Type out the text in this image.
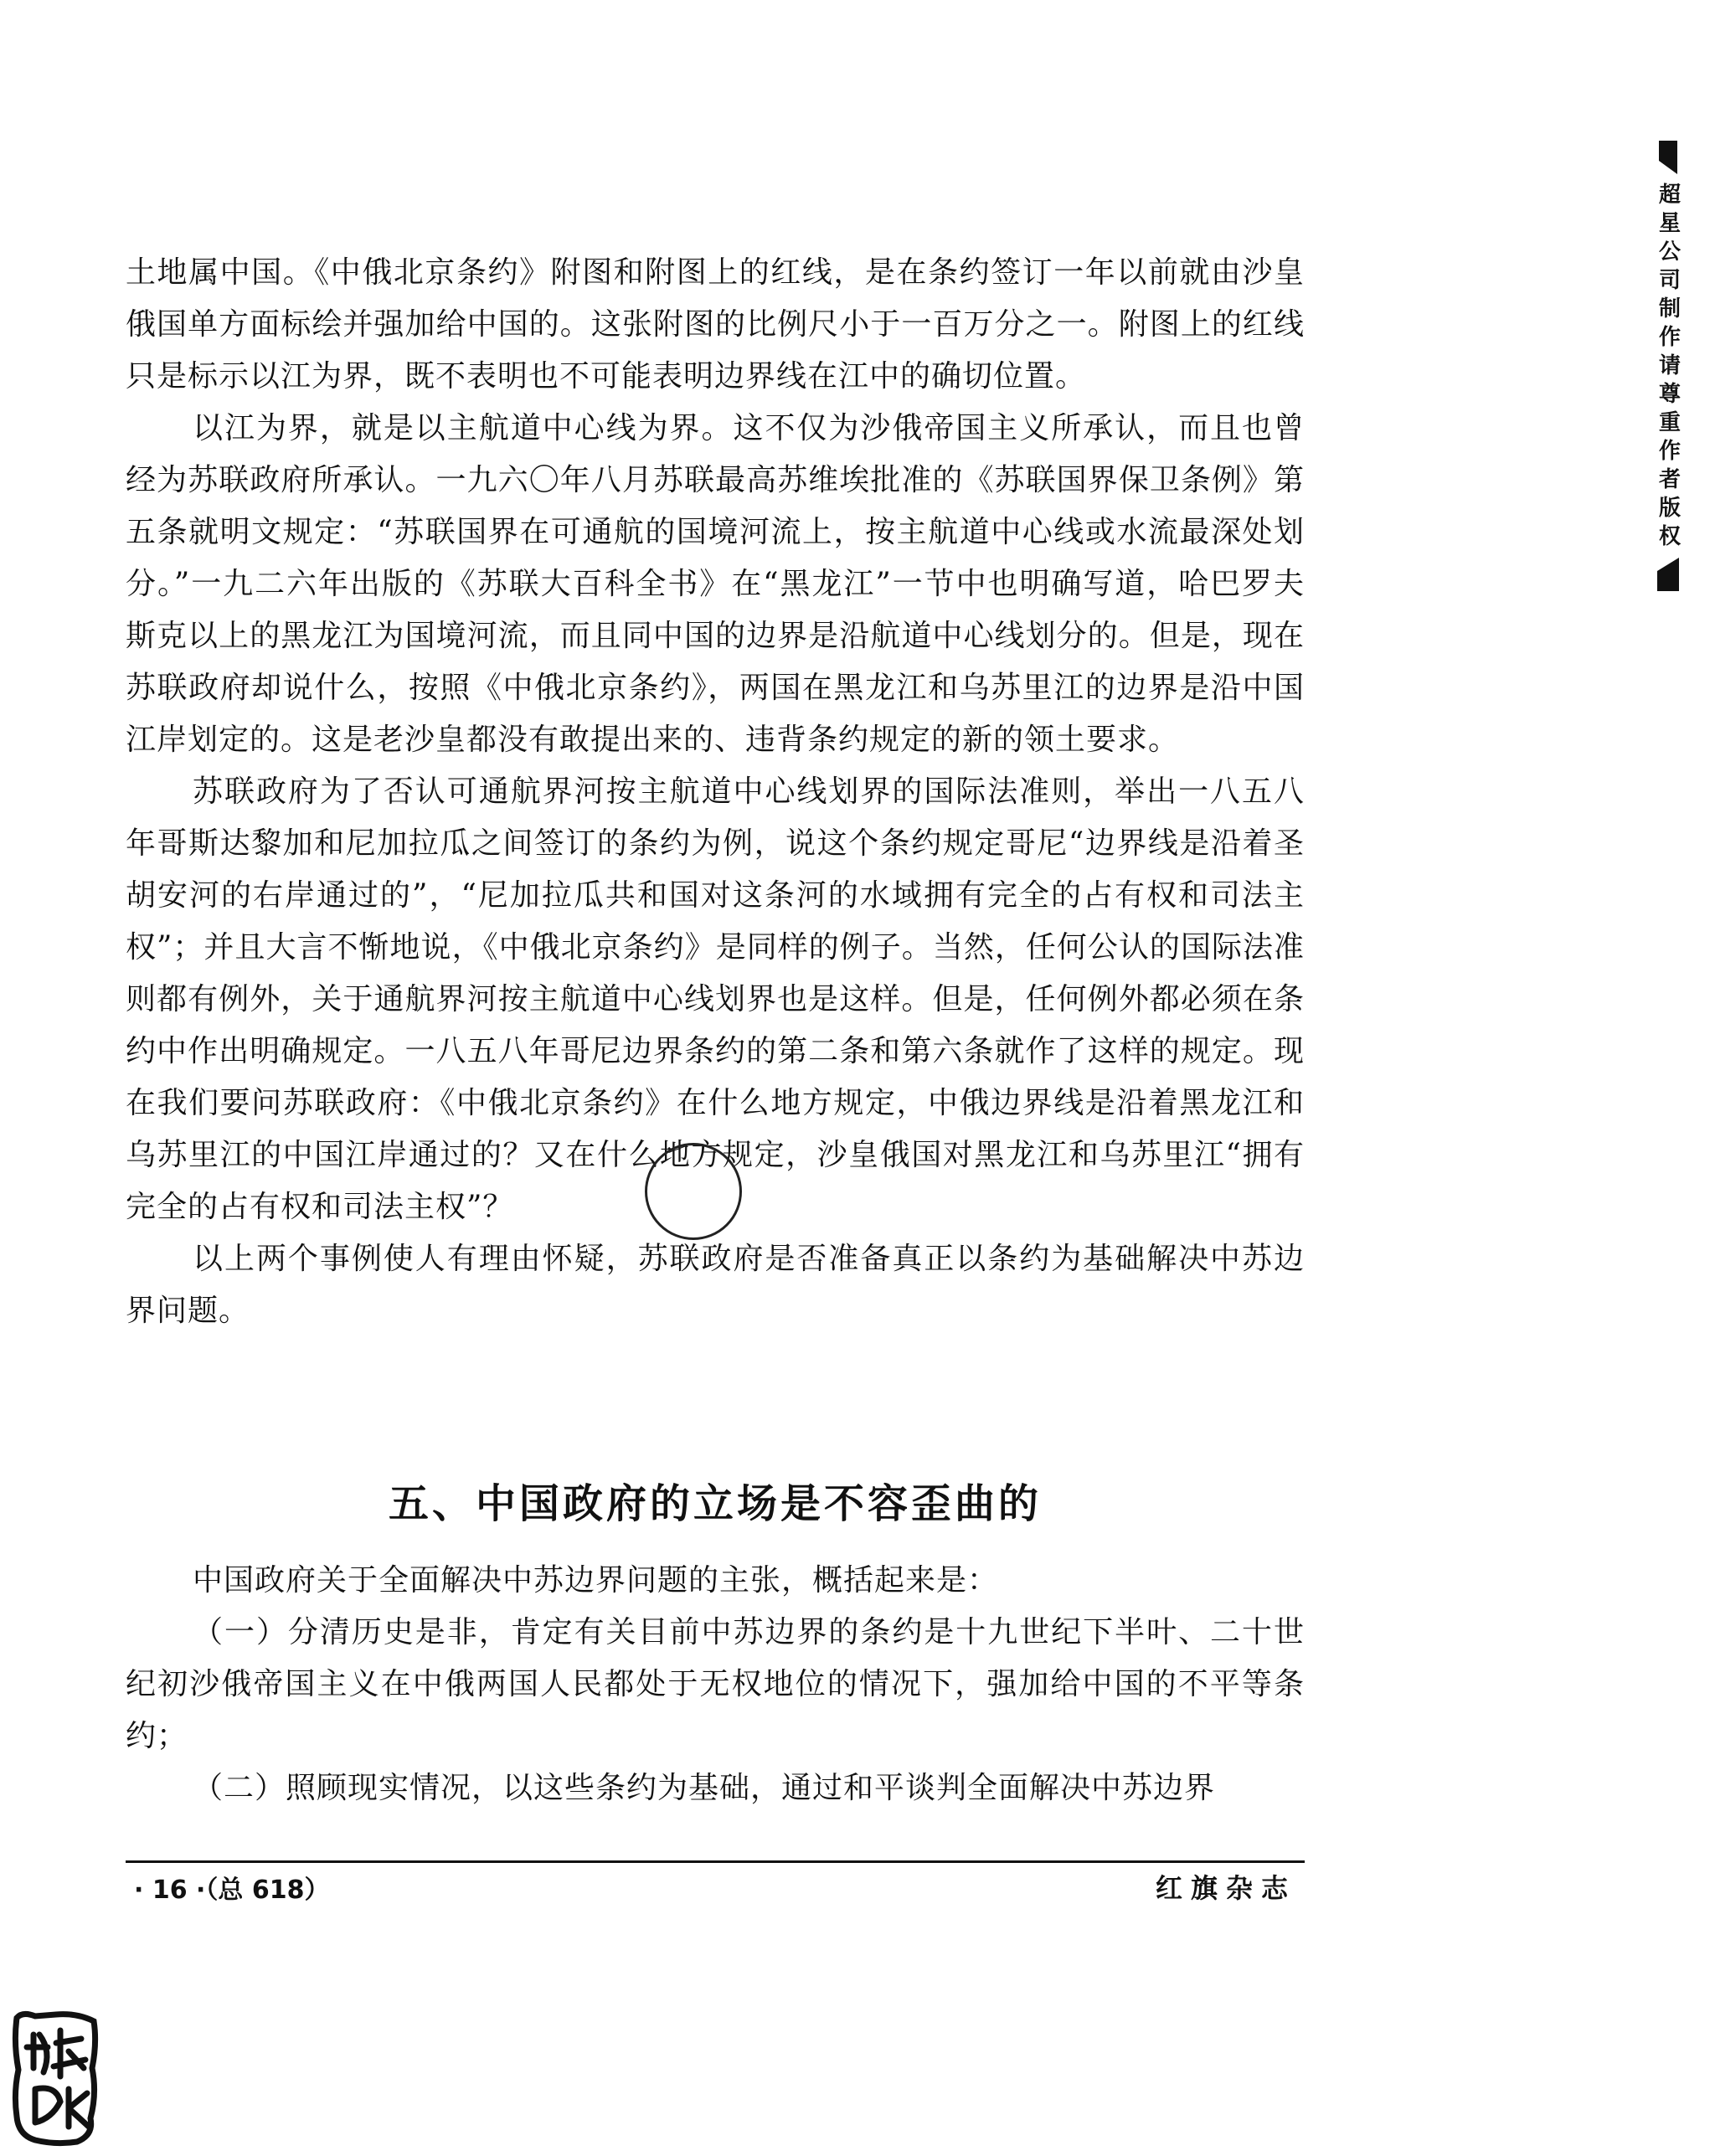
土地属中国。《中俄北京条约》附图和附图上的红线，是在条约签订一年以前就由沙皇俄国单方面标绘并强加给中国的。这张附图的比例尺小于一百万分之一。附图上的红线只是标示以江为界，既不表明也不可能表明边界线在江中的确切位置。

以江为界，就是以主航道中心线为界。这不仅为沙俄帝国主义所承认，而且也曾经为苏联政府所承认。一九六〇年八月苏联最高苏维埃批准的《苏联国界保卫条例》第五条就明文规定：“苏联国界在可通航的国境河流上，按主航道中心线或水流最深处划分。”一九二六年出版的《苏联大百科全书》在“黑龙江”一节中也明确写道，哈巴罗夫斯克以上的黑龙江为国境河流，而且同中国的边界是沿航道中心线划分的。但是，现在苏联政府却说什么，按照《中俄北京条约》，两国在黑龙江和乌苏里江的边界是沿中国江岸划定的。这是老沙皇都没有敢提出来的、违背条约规定的新的领土要求。

苏联政府为了否认可通航界河按主航道中心线划界的国际法准则，举出一八五八年哥斯达黎加和尼加拉瓜之间签订的条约为例，说这个条约规定哥尼“边界线是沿着圣胡安河的右岸通过的”，“尼加拉瓜共和国对这条河的水域拥有完全的占有权和司法主权”；并且大言不惭地说，《中俄北京条约》是同样的例子。当然，任何公认的国际法准则都有例外，关于通航界河按主航道中心线划界也是这样。但是，任何例外都必须在条约中作出明确规定。一八五八年哥尼边界条约的第二条和第六条就作了这样的规定。现在我们要问苏联政府：《中俄北京条约》在什么地方规定，中俄边界线是沿着黑龙江和乌苏里江的中国江岸通过的？又在什么地方规定，沙皇俄国对黑龙江和乌苏里江“拥有完全的占有权和司法主权”？

以上两个事例使人有理由怀疑，苏联政府是否准备真正以条约为基础解决中苏边界问题。

五、中国政府的立场是不容歪曲的

中国政府关于全面解决中苏边界问题的主张，概括起来是：

（一）分清历史是非，肯定有关目前中苏边界的条约是十九世纪下半叶、二十世纪初沙俄帝国主义在中俄两国人民都处于无权地位的情况下，强加给中国的不平等条约；

（二）照顾现实情况，以这些条约为基础，通过和平谈判全面解决中苏边界

· 16 ·（总 618）	红旗杂志
超星公司制作请尊重作者版权
